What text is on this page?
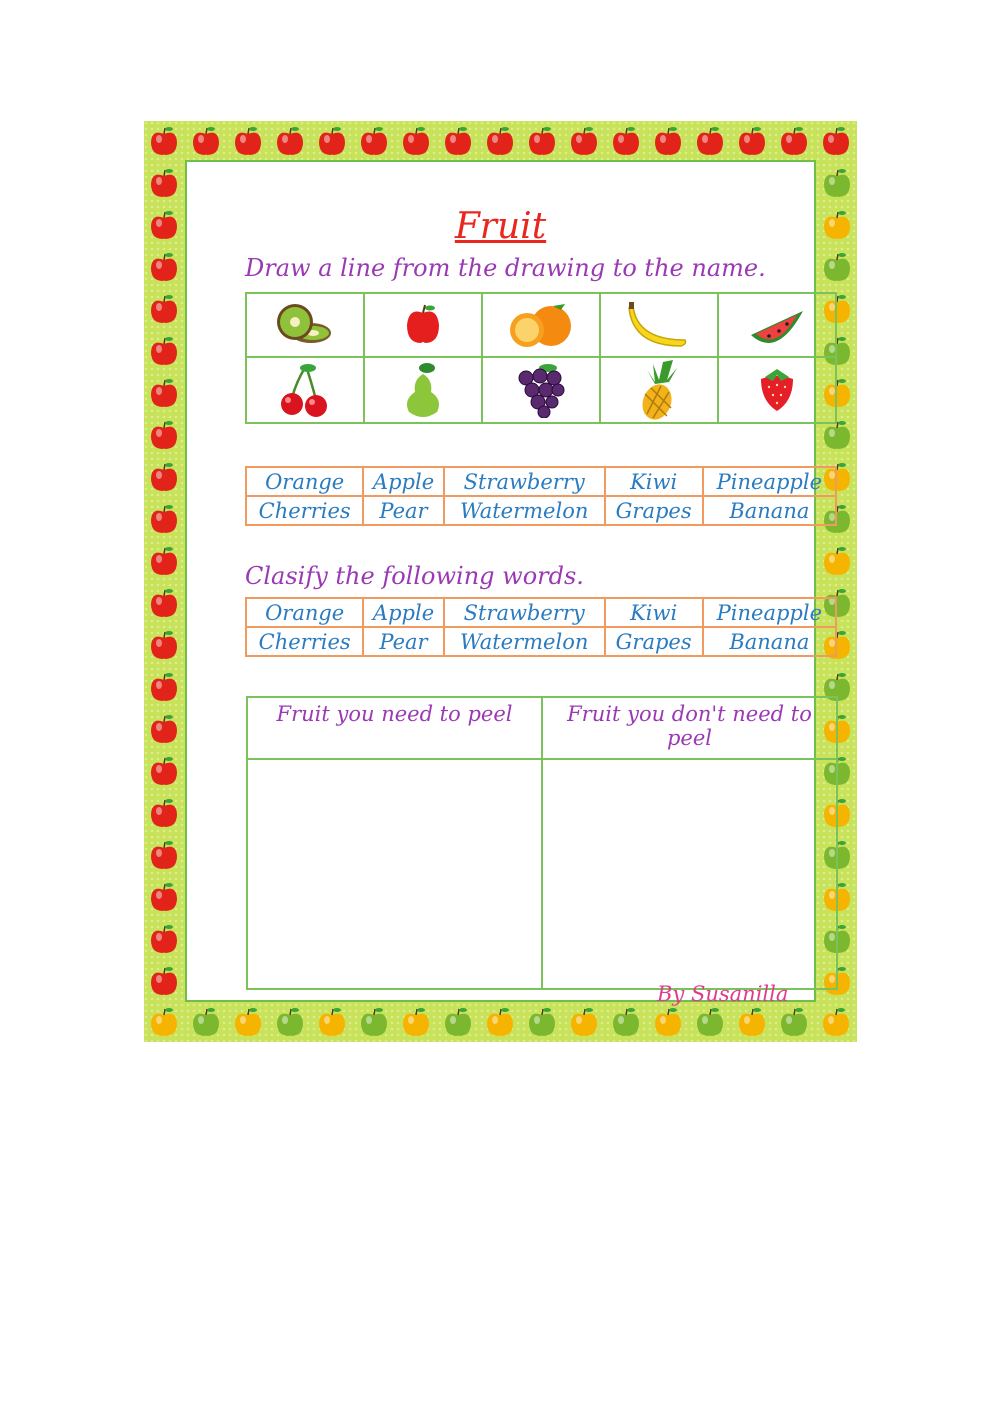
Fruit
Draw a line from the drawing to the name.

Orange	Apple	Strawberry	Kiwi	Pineapple
Cherries	Pear	Watermelon	Grapes	Banana
Clasify the following words.
Orange	Apple	Strawberry	Kiwi	Pineapple
Cherries	Pear	Watermelon	Grapes	Banana
Fruit you need to peel	Fruit you don't need to peel

By Susanilla
